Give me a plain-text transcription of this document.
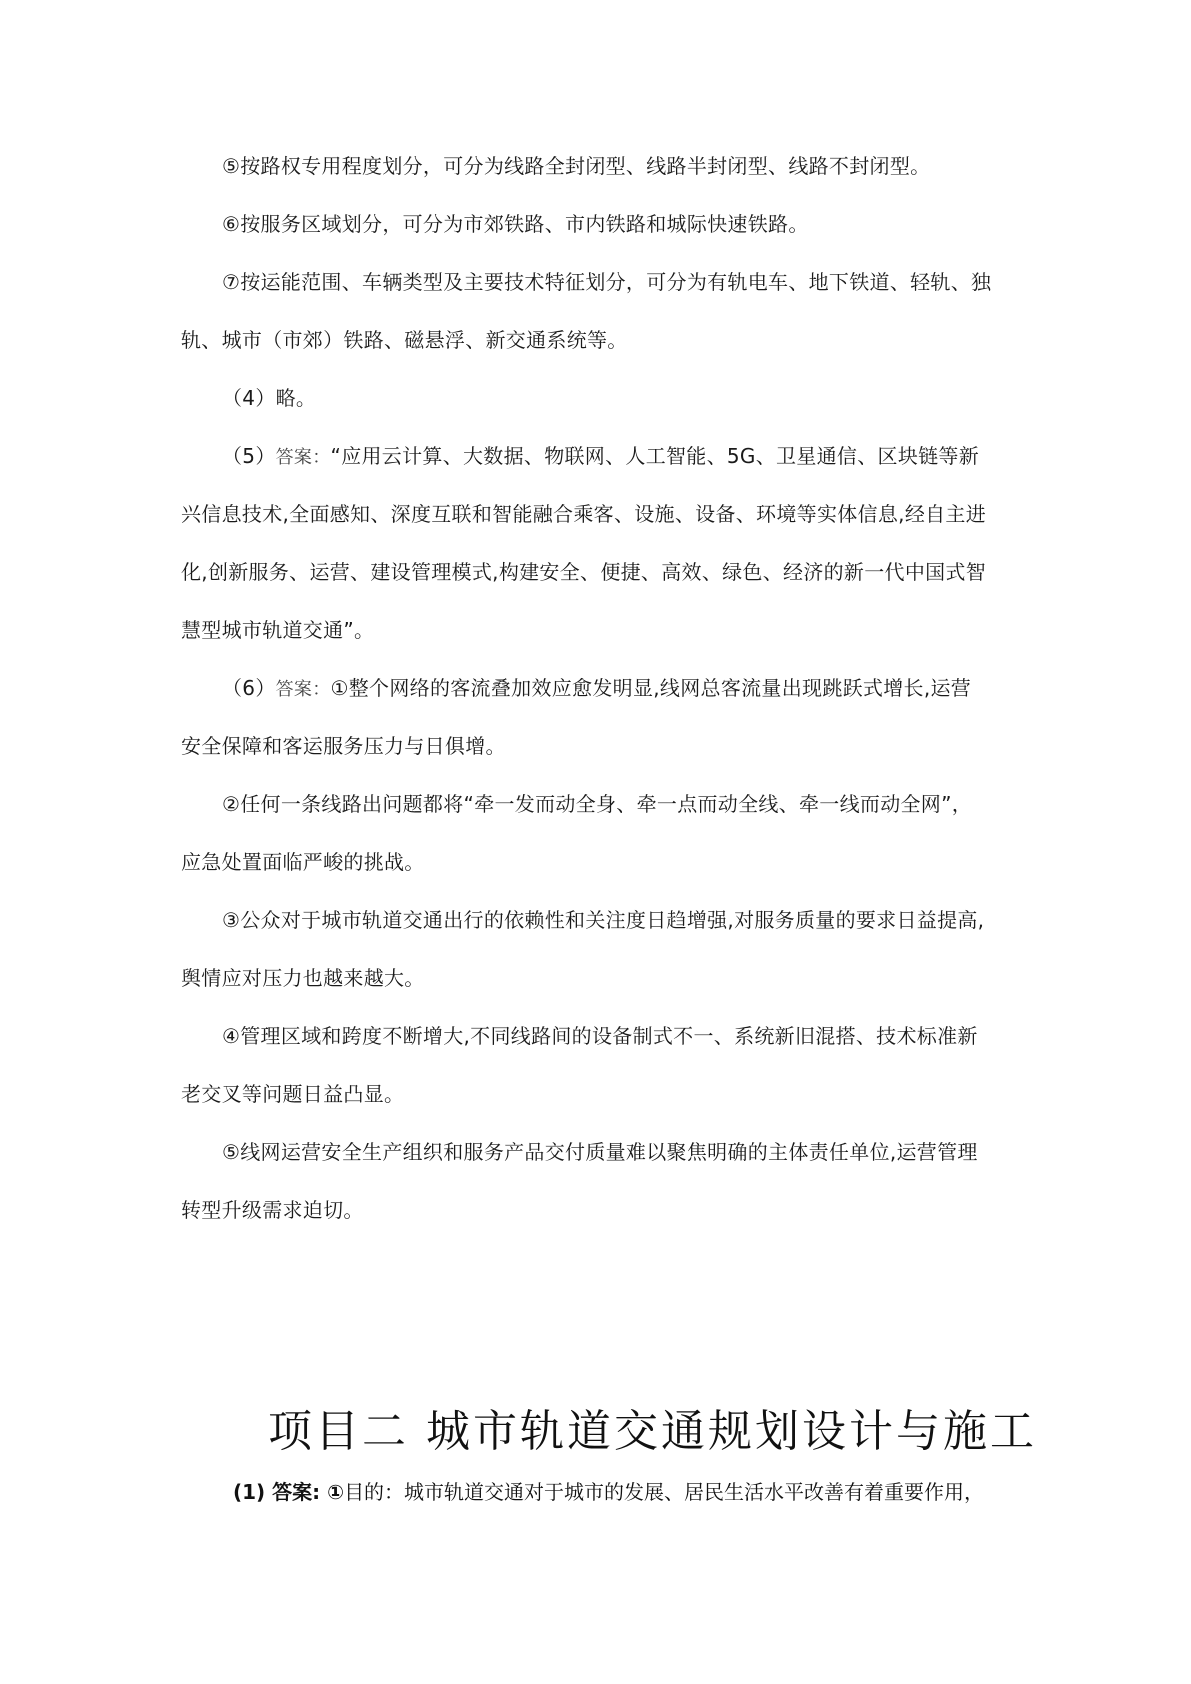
⑤按路权专用程度划分，可分为线路全封闭型、线路半封闭型、线路不封闭型。
⑥按服务区域划分，可分为市郊铁路、市内铁路和城际快速铁路。
⑦按运能范围、车辆类型及主要技术特征划分，可分为有轨电车、地下铁道、轻轨、独
轨、城市（市郊）铁路、磁悬浮、新交通系统等。
（4）略。
（5）答案：“应用云计算、大数据、物联网、人工智能、5G、卫星通信、区块链等新
兴信息技术,全面感知、深度互联和智能融合乘客、设施、设备、环境等实体信息,经自主进
化,创新服务、运营、建设管理模式,构建安全、便捷、高效、绿色、经济的新一代中国式智
慧型城市轨道交通”。
（6）答案：①整个网络的客流叠加效应愈发明显,线网总客流量出现跳跃式增长,运营
安全保障和客运服务压力与日俱增。
②任何一条线路出问题都将“牵一发而动全身、牵一点而动全线、牵一线而动全网”，
应急处置面临严峻的挑战。
③公众对于城市轨道交通出行的依赖性和关注度日趋增强,对服务质量的要求日益提高,
舆情应对压力也越来越大。
④管理区域和跨度不断增大,不同线路间的设备制式不一、系统新旧混搭、技术标准新
老交叉等问题日益凸显。
⑤线网运营安全生产组织和服务产品交付质量难以聚焦明确的主体责任单位,运营管理
转型升级需求迫切。
项目二 城市轨道交通规划设计与施工
(1) 答案: ①目的：城市轨道交通对于城市的发展、居民生活水平改善有着重要作用，
